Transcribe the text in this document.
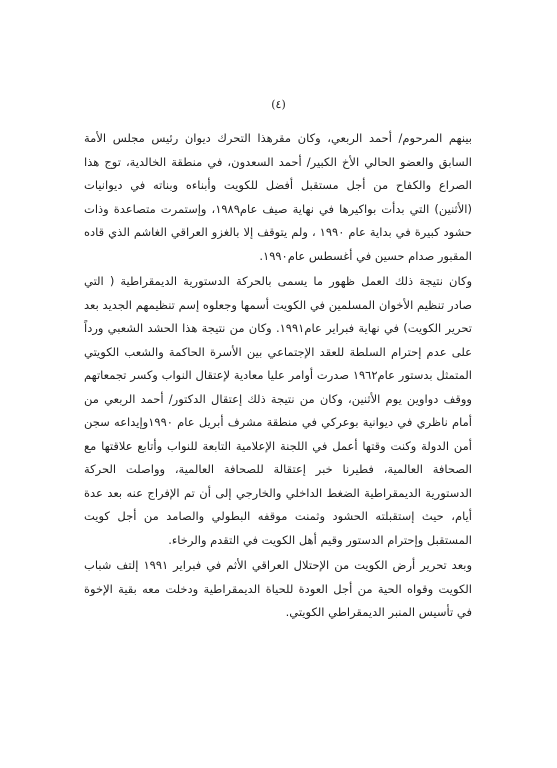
(٤)

بينهم المرحوم/ أحمد الربعي، وكان مقرهذا التحرك ديوان رئيس مجلس الأمة السابق والعضو الحالي الأخ الكبير/ أحمد السعدون، في منطقة الخالدية، توج هذا الصراع والكفاح من أجل مستقبل أفضل للكويت وأبناءه وبناته في ديوانيات (الأثنين) التي بدأت بواكيرها في نهاية صيف عام١٩٨٩، وإستمرت متصاعدة وذات حشود كبيرة في بداية عام ١٩٩٠ ، ولم يتوقف إلا بالغزو العراقي الغاشم الذي قاده المقبور صدام حسين في أغسطس عام١٩٩٠.

وكان نتيجة ذلك العمل ظهور ما يسمى بالحركة الدستورية الديمقراطية ( التي صادر تنظيم الأخوان المسلمين في الكويت أسمها وجعلوه إسم تنظيمهم الجديد بعد تحرير الكويت) في نهاية فبراير عام١٩٩١. وكان من نتيجة هذا الحشد الشعبي ورداً على عدم إحترام السلطة للعقد الإجتماعي بين الأسرة الحاكمة والشعب الكويتي المتمثل بدستور عام١٩٦٢ صدرت أوامر عليا معادية لإعتقال النواب وكسر تجمعاتهم ووقف دواوين يوم الأثنين، وكان من نتيجة ذلك إعتقال الدكتور/ أحمد الربعي من أمام ناظري في ديوانية بوعركي في منطقة مشرف أبريل عام ١٩٩٠وإيداعه سجن أمن الدولة وكنت وقتها أعمل في اللجنة الإعلامية التابعة للنواب وأتابع علاقتها مع الصحافة العالمية، فطيرنا خبر إعتقالة للصحافة العالمية، وواصلت الحركة الدستورية الديمقراطية الضغط الداخلي والخارجي إلى أن تم الإفراج عنه بعد عدة أيام، حيث إستقبلته الحشود وثمنت موقفه البطولي والصامد من أجل كويت المستقبل وإحترام الدستور وقيم أهل الكويت في التقدم والرخاء.

وبعد تحرير أرض الكويت من الإحتلال العراقي الأثم في فبراير ١٩٩١ إلتف شباب الكويت وقواه الحية من أجل العودة للحياة الديمقراطية ودخلت معه بقية الإخوة في تأسيس المنبر الديمقراطي الكويتي.
